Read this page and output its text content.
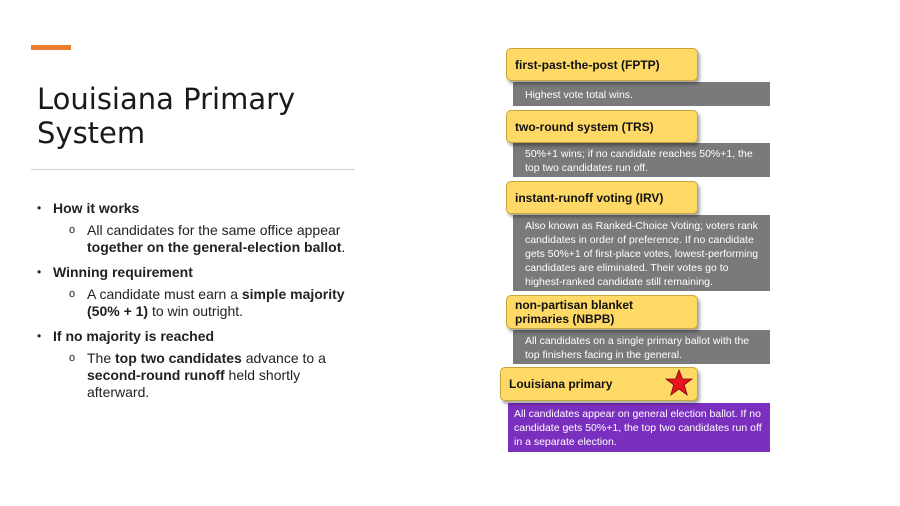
Louisiana Primary System
• How it works
o All candidates for the same office appear together on the general-election ballot.
• Winning requirement
o A candidate must earn a simple majority (50% + 1) to win outright.
• If no majority is reached
o The top two candidates advance to a second-round runoff held shortly afterward.
Highest vote total wins.
first-past-the-post (FPTP)
50%+1 wins; if no candidate reaches 50%+1, the top two candidates run off.
two-round system (TRS)
Also known as Ranked-Choice Voting; voters rank candidates in order of preference. If no candidate gets 50%+1 of first-place votes, lowest-performing candidates are eliminated. Their votes go to highest-ranked candidate still remaining.
instant-runoff voting (IRV)
All candidates on a single primary ballot with the top finishers facing in the general.
non-partisan blanket primaries (NBPB)
All candidates appear on general election ballot. If no candidate gets 50%+1, the top two candidates run off in a separate election.
Louisiana primary
